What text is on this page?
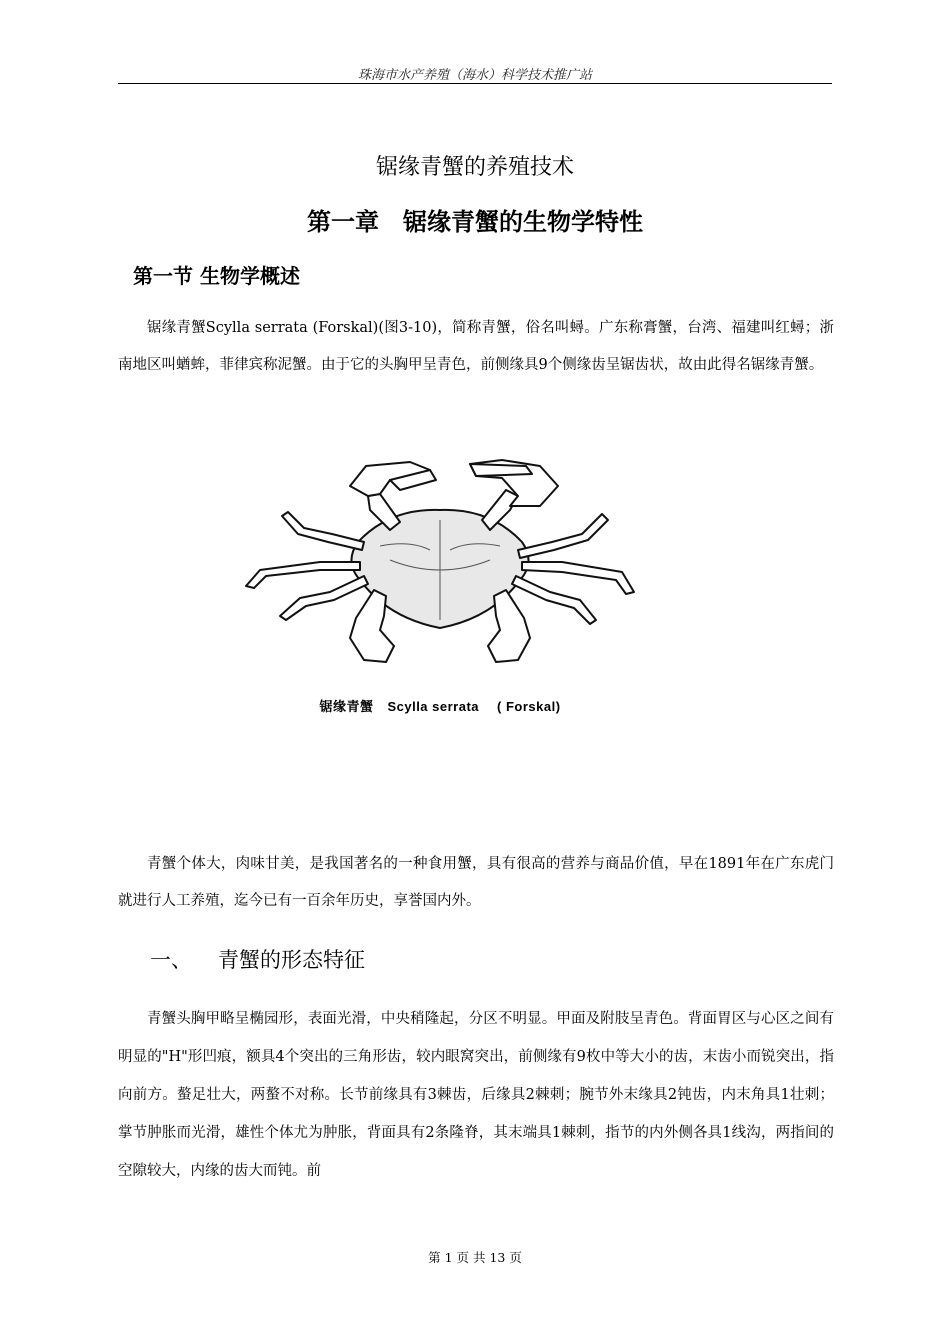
珠海市水产养殖（海水）科学技术推广站
锯缘青蟹的养殖技术
第一章　锯缘青蟹的生物学特性
第一节 生物学概述

锯缘青蟹Scylla serrata (Forskal)(图3-10)，简称青蟹，俗名叫蟳。广东称膏蟹，台湾、福建叫红蟳；浙南地区叫蝤蛑，菲律宾称泥蟹。由于它的头胸甲呈青色，前侧缘具9个侧缘齿呈锯齿状，故由此得名锯缘青蟹。

锯缘青蟹 Scylla serrata ( Forskal)

青蟹个体大，肉味甘美，是我国著名的一种食用蟹，具有很高的营养与商品价值，早在1891年在广东虎门就进行人工养殖，迄今已有一百余年历史，享誉国内外。

一、 青蟹的形态特征

青蟹头胸甲略呈椭园形，表面光滑，中央稍隆起，分区不明显。甲面及附肢呈青色。背面胃区与心区之间有明显的"H"形凹痕，额具4个突出的三角形齿，较内眼窝突出，前侧缘有9枚中等大小的齿，末齿小而锐突出，指向前方。螯足壮大，两螯不对称。长节前缘具有3棘齿，后缘具2棘刺；腕节外末缘具2钝齿，内末角具1壮刺；掌节肿胀而光滑，雄性个体尤为肿胀，背面具有2条隆脊，其末端具1棘刺，指节的内外侧各具1线沟，两指间的空隙较大，内缘的齿大而钝。前

第 1 页 共 13 页
